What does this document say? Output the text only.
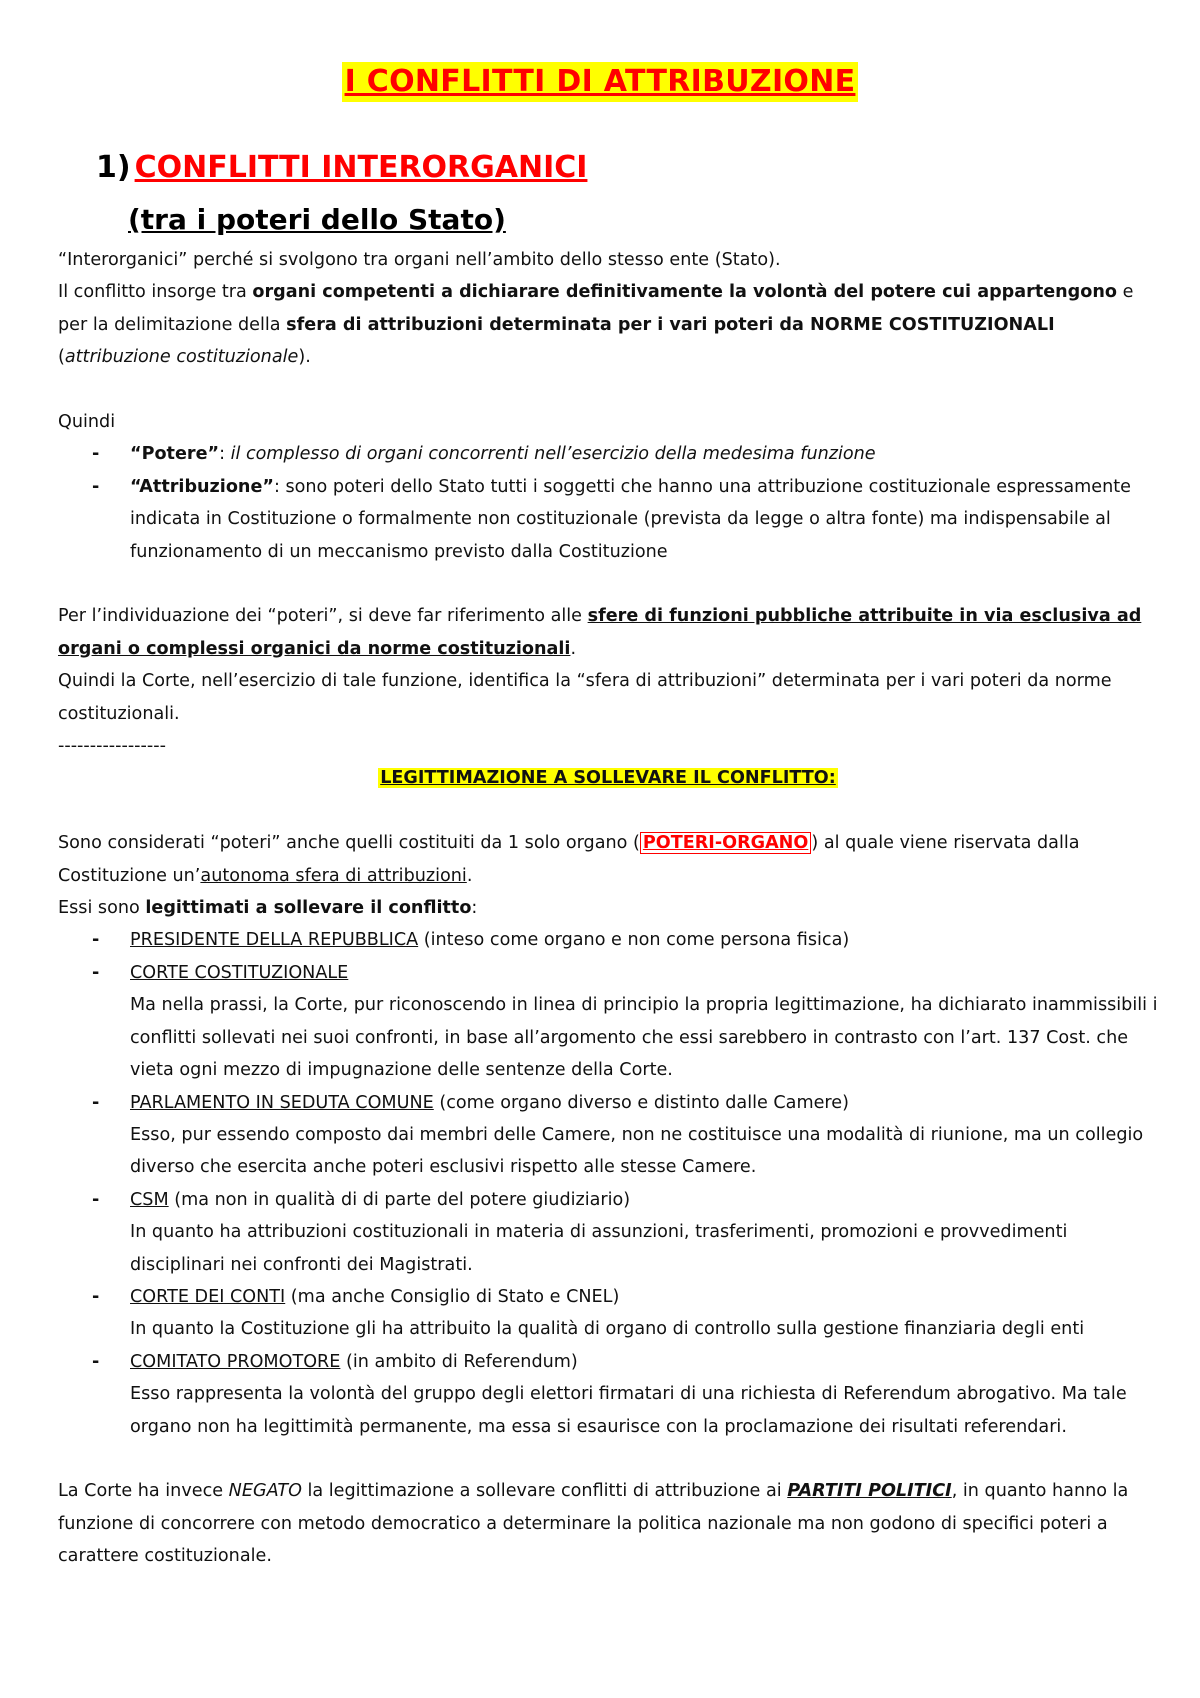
I CONFLITTI DI ATTRIBUZIONE
1) CONFLITTI INTERORGANICI
(tra i poteri dello Stato)

“Interorganici” perché si svolgono tra organi nell’ambito dello stesso ente (Stato).

Il conflitto insorge tra organi competenti a dichiarare definitivamente la volontà del potere cui appartengono e per la delimitazione della sfera di attribuzioni determinata per i vari poteri da NORME COSTITUZIONALI (attribuzione costituzionale).

Quindi

- “Potere”: il complesso di organi concorrenti nell’esercizio della medesima funzione
- “Attribuzione”: sono poteri dello Stato tutti i soggetti che hanno una attribuzione costituzionale espressamente indicata in Costituzione o formalmente non costituzionale (prevista da legge o altra fonte) ma indispensabile al funzionamento di un meccanismo previsto dalla Costituzione

Per l’individuazione dei “poteri”, si deve far riferimento alle sfere di funzioni pubbliche attribuite in via esclusiva ad organi o complessi organici da norme costituzionali.

Quindi la Corte, nell’esercizio di tale funzione, identifica la “sfera di attribuzioni” determinata per i vari poteri da norme costituzionali.

-----------------

LEGITTIMAZIONE A SOLLEVARE IL CONFLITTO:

Sono considerati “poteri” anche quelli costituiti da 1 solo organo ( POTERI-ORGANO ) al quale viene riservata dalla Costituzione un’autonoma sfera di attribuzioni.

Essi sono legittimati a sollevare il conflitto:

- PRESIDENTE DELLA REPUBBLICA (inteso come organo e non come persona fisica)
- CORTE COSTITUZIONALE
Ma nella prassi, la Corte, pur riconoscendo in linea di principio la propria legittimazione, ha dichiarato inammissibili i conflitti sollevati nei suoi confronti, in base all’argomento che essi sarebbero in contrasto con l’art. 137 Cost. che vieta ogni mezzo di impugnazione delle sentenze della Corte.
- PARLAMENTO IN SEDUTA COMUNE (come organo diverso e distinto dalle Camere)
Esso, pur essendo composto dai membri delle Camere, non ne costituisce una modalità di riunione, ma un collegio diverso che esercita anche poteri esclusivi rispetto alle stesse Camere.
- CSM (ma non in qualità di di parte del potere giudiziario)
In quanto ha attribuzioni costituzionali in materia di assunzioni, trasferimenti, promozioni e provvedimenti disciplinari nei confronti dei Magistrati.
- CORTE DEI CONTI (ma anche Consiglio di Stato e CNEL)
In quanto la Costituzione gli ha attribuito la qualità di organo di controllo sulla gestione finanziaria degli enti
- COMITATO PROMOTORE (in ambito di Referendum)
Esso rappresenta la volontà del gruppo degli elettori firmatari di una richiesta di Referendum abrogativo. Ma tale organo non ha legittimità permanente, ma essa si esaurisce con la proclamazione dei risultati referendari.

La Corte ha invece NEGATO la legittimazione a sollevare conflitti di attribuzione ai PARTITI POLITICI, in quanto hanno la funzione di concorrere con metodo democratico a determinare la politica nazionale ma non godono di specifici poteri a carattere costituzionale.
